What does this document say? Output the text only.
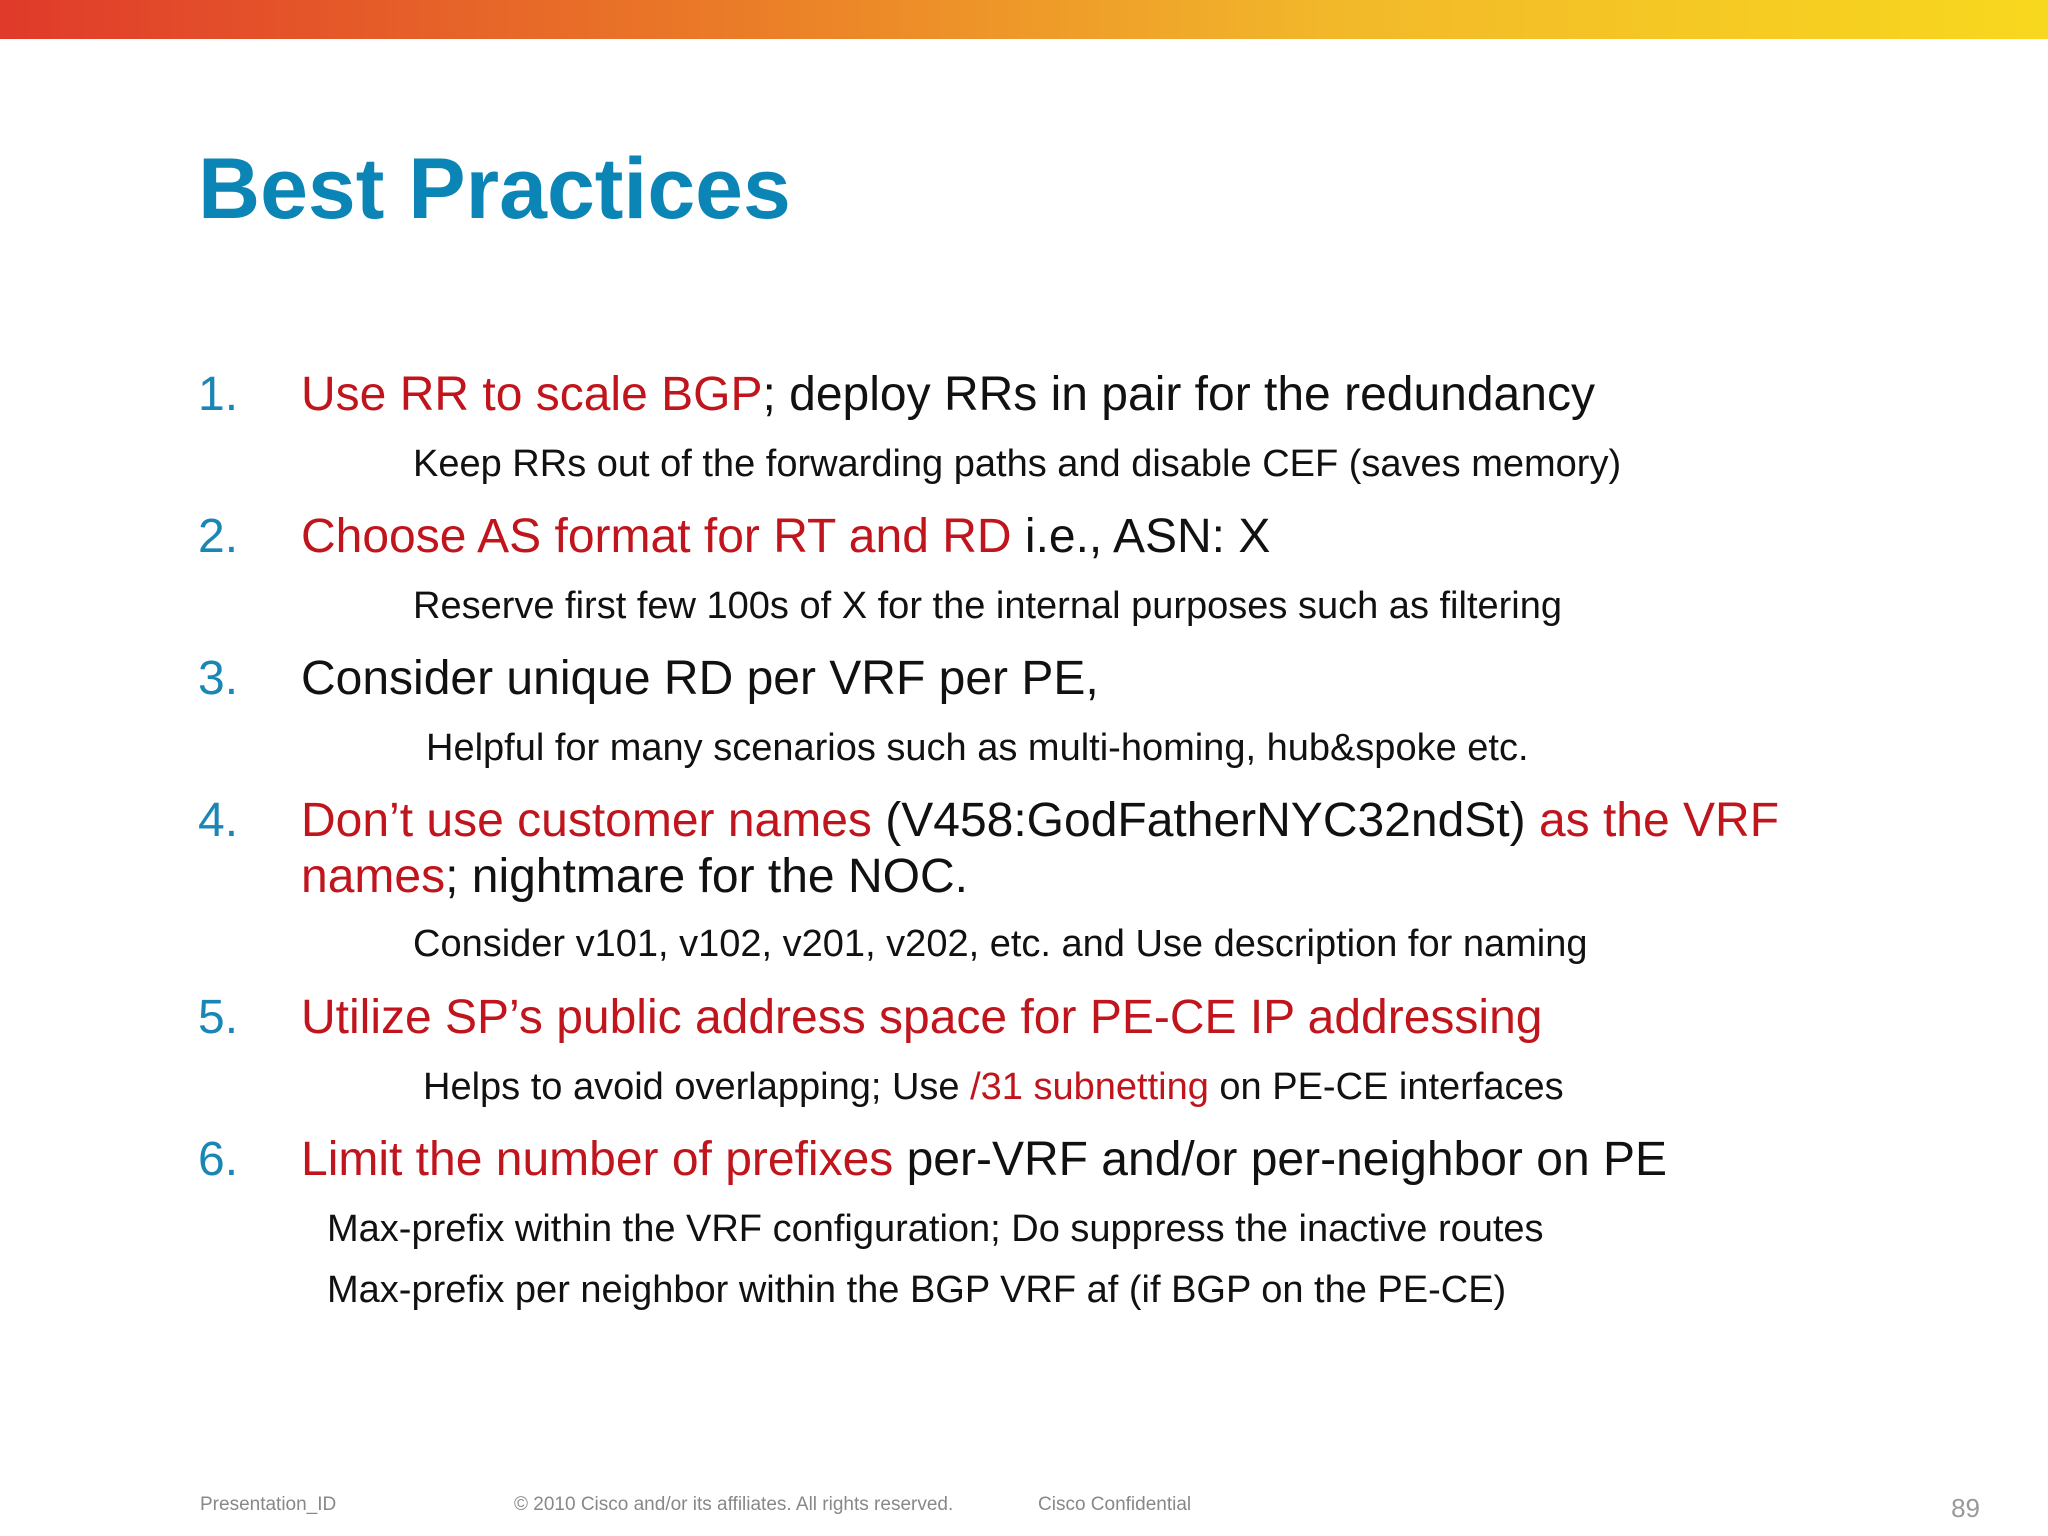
Best Practices
1. Use RR to scale BGP; deploy RRs in pair for the redundancy
Keep RRs out of the forwarding paths and disable CEF (saves memory)
2. Choose AS format for RT and RD i.e., ASN: X
Reserve first few 100s of X for the internal purposes such as filtering
3. Consider unique RD per VRF per PE,
Helpful for many scenarios such as multi-homing, hub&spoke etc.
4. Don’t use customer names (V458:GodFatherNYC32ndSt) as the VRF names; nightmare for the NOC.
Consider v101, v102, v201, v202, etc. and Use description for naming
5. Utilize SP’s public address space for PE-CE IP addressing
Helps to avoid overlapping; Use /31 subnetting on PE-CE interfaces
6. Limit the number of prefixes per-VRF and/or per-neighbor on PE
Max-prefix within the VRF configuration; Do suppress the inactive routes
Max-prefix per neighbor within the BGP VRF af (if BGP on the PE-CE)
Presentation_ID	© 2010 Cisco and/or its affiliates. All rights reserved.	Cisco Confidential	89
